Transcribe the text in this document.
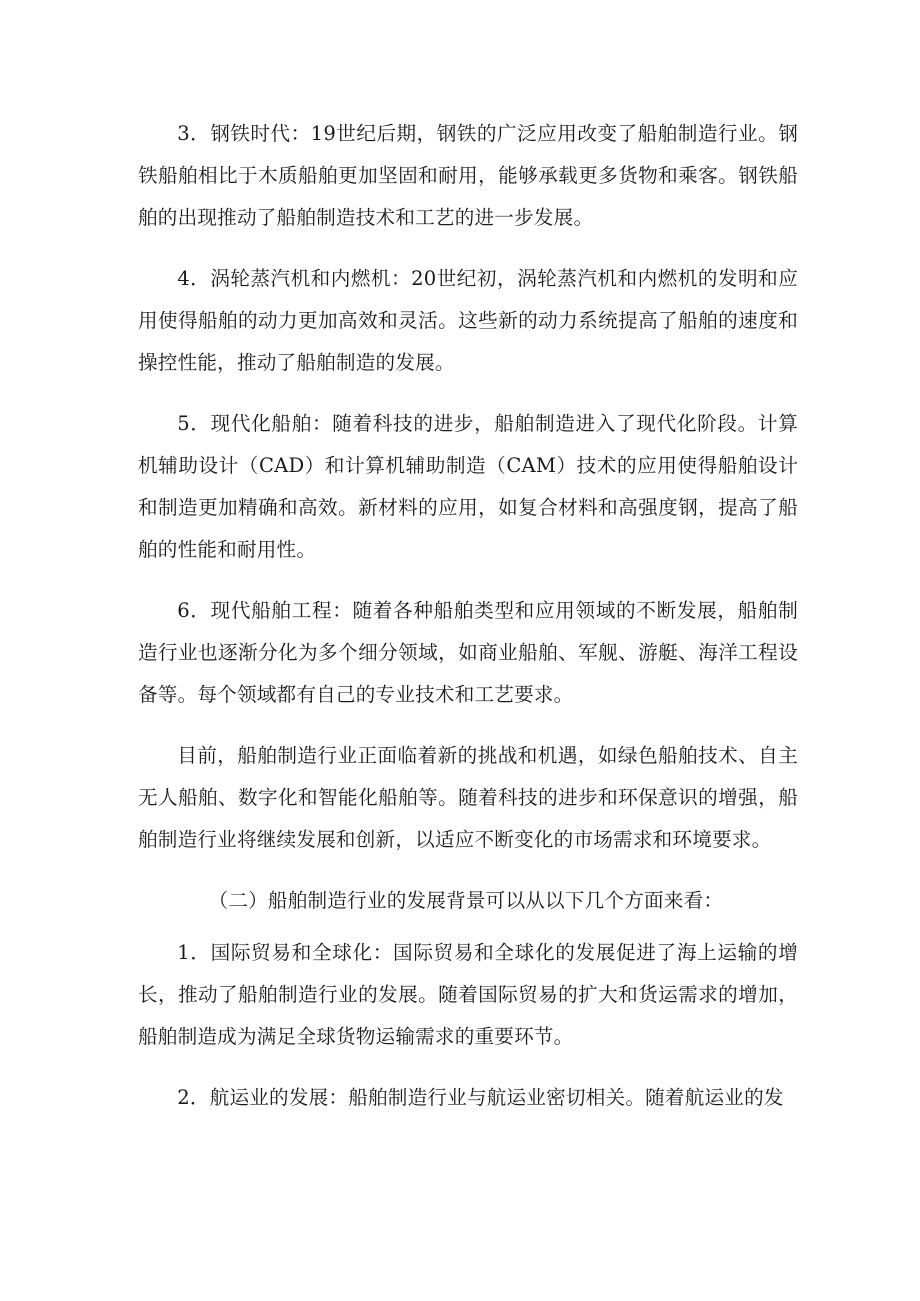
3．钢铁时代：19世纪后期，钢铁的广泛应用改变了船舶制造行业。钢铁船舶相比于木质船舶更加坚固和耐用，能够承载更多货物和乘客。钢铁船舶的出现推动了船舶制造技术和工艺的进一步发展。

4．涡轮蒸汽机和内燃机：20世纪初，涡轮蒸汽机和内燃机的发明和应用使得船舶的动力更加高效和灵活。这些新的动力系统提高了船舶的速度和操控性能，推动了船舶制造的发展。

5．现代化船舶：随着科技的进步，船舶制造进入了现代化阶段。计算机辅助设计（CAD）和计算机辅助制造（CAM）技术的应用使得船舶设计和制造更加精确和高效。新材料的应用，如复合材料和高强度钢，提高了船舶的性能和耐用性。

6．现代船舶工程：随着各种船舶类型和应用领域的不断发展，船舶制造行业也逐渐分化为多个细分领域，如商业船舶、军舰、游艇、海洋工程设备等。每个领域都有自己的专业技术和工艺要求。

目前，船舶制造行业正面临着新的挑战和机遇，如绿色船舶技术、自主无人船舶、数字化和智能化船舶等。随着科技的进步和环保意识的增强，船舶制造行业将继续发展和创新，以适应不断变化的市场需求和环境要求。

（二）船舶制造行业的发展背景可以从以下几个方面来看：

1．国际贸易和全球化：国际贸易和全球化的发展促进了海上运输的增长，推动了船舶制造行业的发展。随着国际贸易的扩大和货运需求的增加，船舶制造成为满足全球货物运输需求的重要环节。

2．航运业的发展：船舶制造行业与航运业密切相关。随着航运业的发
